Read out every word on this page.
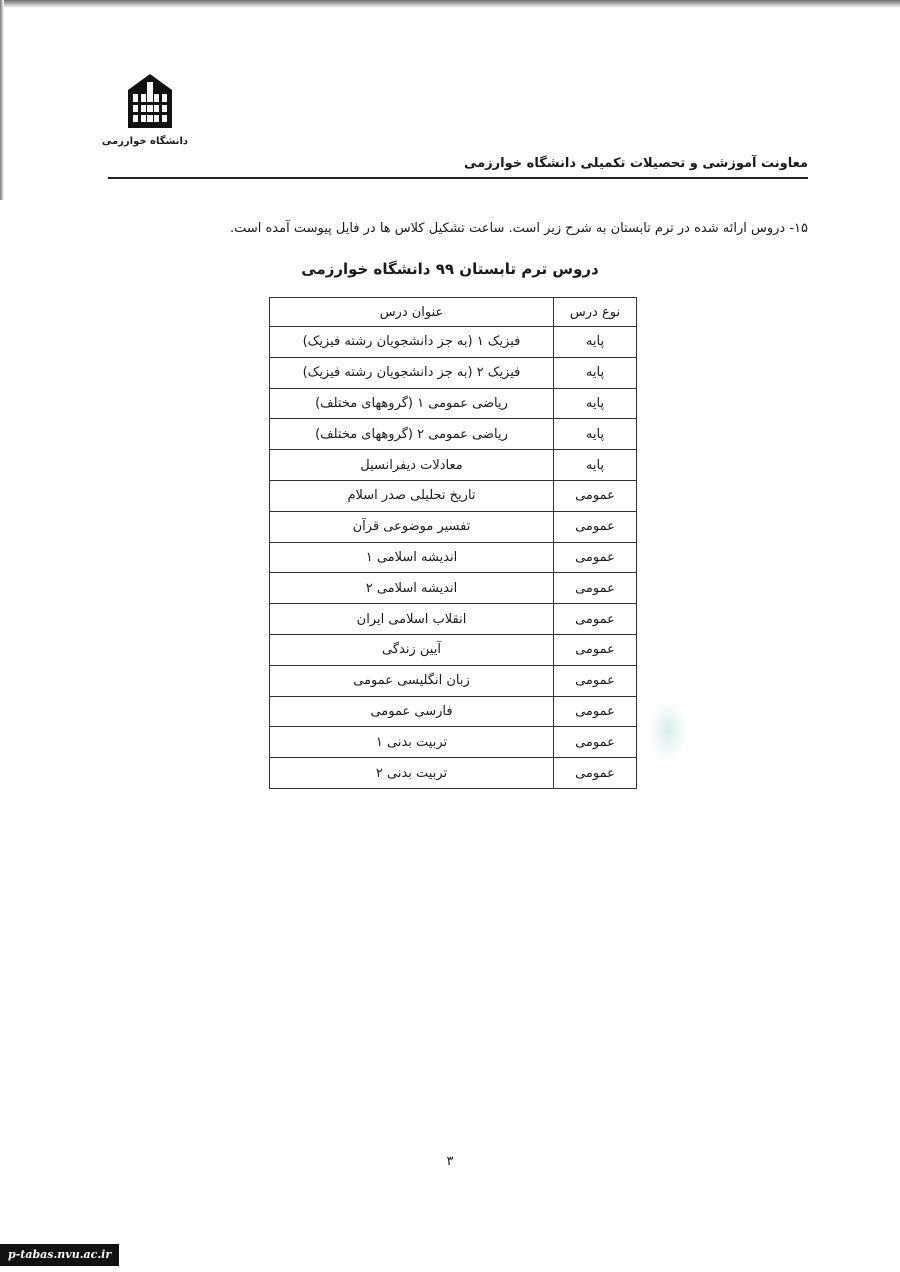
دانشگاه خوارزمی
معاونت آموزشی و تحصیلات تکمیلی دانشگاه خوارزمی
۱۵- دروس ارائه شده در ترم تابستان به شرح زیر است. ساعت تشکیل کلاس ها در فایل پیوست آمده است.
دروس ترم تابستان ۹۹ دانشگاه خوارزمی
نوع درس	عنوان درس
پایه	فیزیک ۱ (به جز دانشجویان رشته فیزیک)
پایه	فیزیک ۲ (به جز دانشجویان رشته فیزیک)
پایه	ریاضی عمومی ۱ (گروههای مختلف)
پایه	ریاضی عمومی ۲ (گروههای مختلف)
پایه	معادلات دیفرانسیل
عمومی	تاریخ تحلیلی صدر اسلام
عمومی	تفسیر موضوعی قرآن
عمومی	اندیشه اسلامی ۱
عمومی	اندیشه اسلامی ۲
عمومی	انقلاب اسلامی ایران
عمومی	آیین زندگی
عمومی	زبان انگلیسی عمومی
عمومی	فارسی عمومی
عمومی	تربیت بدنی ۱
عمومی	تربیت بدنی ۲
۳
p-tabas.nvu.ac.ir
